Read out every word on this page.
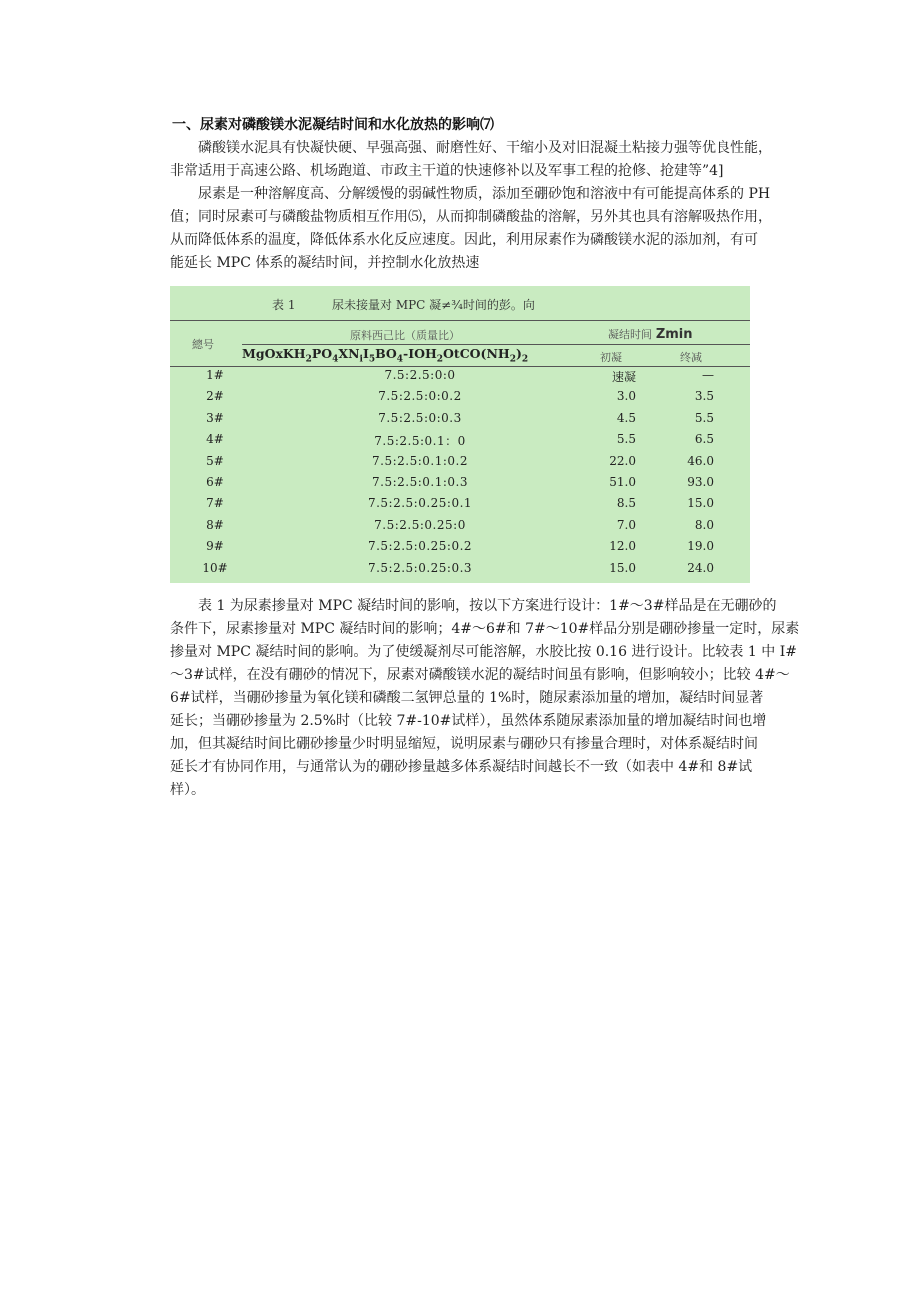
一、尿素对磷酸镁水泥凝结时间和水化放热的影响⑺
磷酸镁水泥具有快凝快硬、早强高强、耐磨性好、干缩小及对旧混凝土粘接力强等优良性能，
非常适用于高速公路、机场跑道、市政主干道的快速修补以及军事工程的抢修、抢建等”4]
尿素是一种溶解度高、分解缓慢的弱碱性物质，添加至硼砂饱和溶液中有可能提高体系的 PH
值；同时尿素可与磷酸盐物质相互作用⑸，从而抑制磷酸盐的溶解，另外其也具有溶解吸热作用，
从而降低体系的温度，降低体系水化反应速度。因此，利用尿素作为磷酸镁水泥的添加剂，有可
能延长 MPC 体系的凝结时间，并控制水化放热速
表 1	尿未接量对 MPC 凝≠¾时间的彭。向
總号
原料西己比（质量比）	凝结时间 Zmin
$MgOxKH_2PO_4XN_iI_5BO_4-IOH_2OtCO(NH_2)_2$	初凝	终减
1#	7.5:2.5:0:0	速凝	—
2#	7.5:2.5:0:0.2	3.0	3.5
3#	7.5:2.5:0:0.3	4.5	5.5
4#	7.5:2.5:0.1：0	5.5	6.5
5#	7.5:2.5:0.1:0.2	22.0	46.0
6#	7.5:2.5:0.1:0.3	51.0	93.0
7#	7.5:2.5:0.25:0.1	8.5	15.0
8#	7.5:2.5:0.25:0	7.0	8.0
9#	7.5:2.5:0.25:0.2	12.0	19.0
10#	7.5:2.5:0.25:0.3	15.0	24.0
表 1 为尿素掺量对 MPC 凝结时间的影响，按以下方案进行设计：1#～3#样品是在无硼砂的
条件下，尿素掺量对 MPC 凝结时间的影响；4#～6#和 7#～10#样品分别是硼砂掺量一定时，尿素
掺量对 MPC 凝结时间的影响。为了使缓凝剂尽可能溶解，水胶比按 0.16 进行设计。比较表 1 中 I#
～3#试样，在没有硼砂的情况下，尿素对磷酸镁水泥的凝结时间虽有影响，但影响较小；比较 4#～
6#试样，当硼砂掺量为氧化镁和磷酸二氢钾总量的 1%时，随尿素添加量的增加，凝结时间显著
延长；当硼砂掺量为 2.5%时（比较 7#-10#试样），虽然体系随尿素添加量的增加凝结时间也增
加，但其凝结时间比硼砂掺量少时明显缩短，说明尿素与硼砂只有掺量合理时，对体系凝结时间
延长才有协同作用，与通常认为的硼砂掺量越多体系凝结时间越长不一致（如表中 4#和 8#试
样）。
